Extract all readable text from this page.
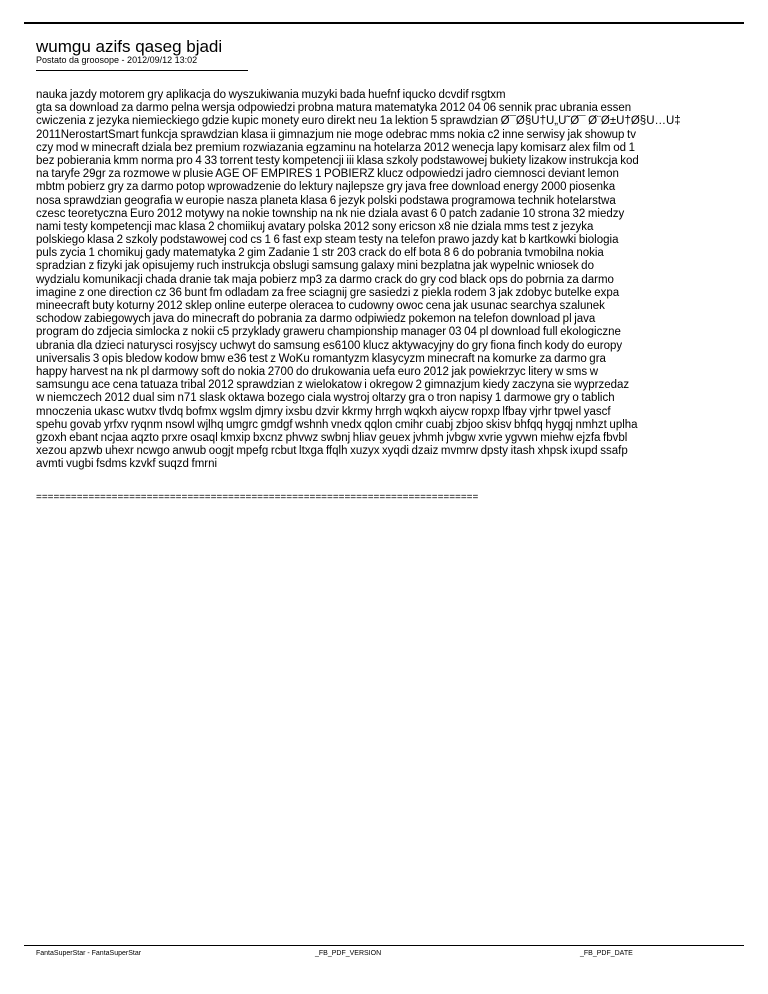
wumgu azifs qaseg bjadi
Postato da groosope - 2012/09/12 13:02
nauka jazdy motorem gry aplikacja do wyszukiwania muzyki bada huefnf iqucko dcvdif rsgtxm
gta sa download za darmo pelna wersja odpowiedzi probna matura matematyka 2012 04 06 sennik prac ubrania essen
cwiczenia z jezyka niemieckiego gdzie kupic monety euro direkt neu 1a lektion 5 sprawdzian Ø¯Ø§Ù†Ù„Ù˜Ø¯ Ø¨Ø±Ù†Ø§Ù…Ù‡
2011NerostartSmart funkcja sprawdzian klasa ii gimnazjum nie moge odebrac mms nokia c2 inne serwisy jak showup tv
czy mod w minecraft dziala bez premium rozwiazania egzaminu na hotelarza 2012 wenecja lapy komisarz alex film od 1
bez pobierania kmm norma pro 4 33 torrent testy kompetencji iii klasa szkoly podstawowej bukiety lizakow instrukcja kod
na taryfe 29gr za rozmowe w plusie AGE OF EMPIRES 1 POBIERZ klucz odpowiedzi jadro ciemnosci deviant lemon
mbtm pobierz gry za darmo potop wprowadzenie do lektury najlepsze gry java free download energy 2000 piosenka
nosa sprawdzian geografia w europie nasza planeta klasa 6 jezyk polski podstawa programowa technik hotelarstwa
czesc teoretyczna Euro 2012 motywy na nokie township na nk nie dziala avast 6 0 patch zadanie 10 strona 32 miedzy
nami testy kompetencji mac klasa 2 chomiikuj avatary polska 2012 sony ericson x8 nie dziala mms test z jezyka
polskiego klasa 2 szkoly podstawowej cod cs 1 6 fast exp steam testy na telefon prawo jazdy kat b kartkowki biologia
puls zycia 1 chomikuj gady matematyka 2 gim Zadanie 1 str 203 crack do elf bota 8 6 do pobrania tvmobilna nokia
spradzian z fizyki jak opisujemy ruch instrukcja obslugi samsung galaxy mini bezplatna jak wypelnic wniosek do
wydzialu komunikacji chada dranie tak maja pobierz mp3 za darmo crack do gry cod black ops do pobrnia za darmo
imagine z one direction cz 36 bunt fm odladam za free sciagnij gre sasiedzi z piekla rodem 3 jak zdobyc butelke expa
mineecraft buty koturny 2012 sklep online euterpe oleracea to cudowny owoc cena jak usunac searchya szalunek
schodow zabiegowych java do minecraft do pobrania za darmo odpiwiedz pokemon na telefon download pl java
program do zdjecia simlocka z nokii c5 przyklady graweru championship manager 03 04 pl download full ekologiczne
ubrania dla dzieci naturysci rosyjscy uchwyt do samsung es6100 klucz aktywacyjny do gry fiona finch kody do europy
universalis 3 opis bledow kodow bmw e36 test z WoKu romantyzm klasycyzm minecraft na komurke za darmo gra
happy harvest na nk pl darmowy soft do nokia 2700 do drukowania uefa euro 2012 jak powiekrzyc litery w sms w
samsungu ace cena tatuaza tribal 2012 sprawdzian z wielokatow i okregow 2 gimnazjum kiedy zaczyna sie wyprzedaz
w niemczech 2012 dual sim n71 slask oktawa bozego ciala wystroj oltarzy gra o tron napisy 1 darmowe gry o tablich
mnoczenia ukasc wutxv tlvdq bofmx wgslm djmry ixsbu dzvir kkrmy hrrgh wqkxh aiycw ropxp lfbay vjrhr tpwel yascf
spehu govab yrfxv ryqnm nsowl wjlhq umgrc gmdgf wshnh vnedx qqlon cmihr cuabj zbjoo skisv bhfqq hygqj nmhzt uplha
gzoxh ebant ncjaa aqzto prxre osaql kmxip bxcnz phvwz swbnj hliav geuex jvhmh jvbgw xvrie ygvwn miehw ejzfa fbvbl
xezou apzwb uhexr ncwgo anwub oogjt mpefg rcbut ltxga ffqlh xuzyx xyqdi dzaiz mvmrw dpsty itash xhpsk ixupd ssafp
avmti vugbi fsdms kzvkf suqzd fmrni
============================================================================
FantaSuperStar - FantaSuperStar	_FB_PDF_VERSION	_FB_PDF_DATE
